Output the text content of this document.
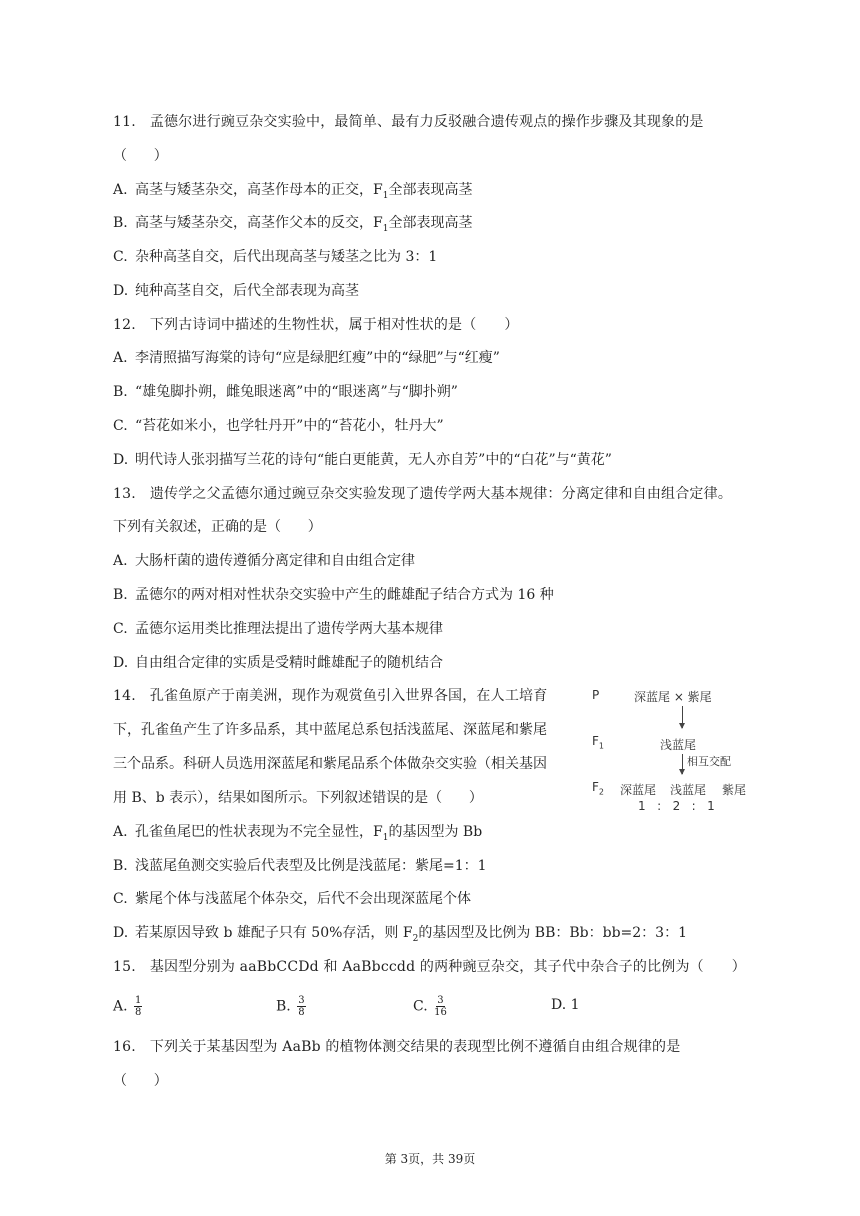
11.   孟德尔进行豌豆杂交实验中，最简单、最有力反驳融合遗传观点的操作步骤及其现象的是
（      ）
A. 高茎与矮茎杂交，高茎作母本的正交，$F_1$全部表现高茎
B. 高茎与矮茎杂交，高茎作父本的反交，$F_1$全部表现高茎
C. 杂种高茎自交，后代出现高茎与矮茎之比为 3：1
D. 纯种高茎自交，后代全部表现为高茎
12.   下列古诗词中描述的生物性状，属于相对性状的是（      ）
A. 李清照描写海棠的诗句“应是绿肥红瘦”中的“绿肥”与“红瘦”
B. “雄兔脚扑朔，雌兔眼迷离”中的“眼迷离”与“脚扑朔”
C. “苔花如米小，也学牡丹开”中的“苔花小，牡丹大”
D. 明代诗人张羽描写兰花的诗句“能白更能黄，无人亦自芳”中的“白花”与“黄花”
13.   遗传学之父孟德尔通过豌豆杂交实验发现了遗传学两大基本规律：分离定律和自由组合定律。
下列有关叙述，正确的是（      ）
A. 大肠杆菌的遗传遵循分离定律和自由组合定律
B. 孟德尔的两对相对性状杂交实验中产生的雌雄配子结合方式为 16 种
C. 孟德尔运用类比推理法提出了遗传学两大基本规律
D. 自由组合定律的实质是受精时雌雄配子的随机结合
14.   孔雀鱼原产于南美洲，现作为观赏鱼引入世界各国，在人工培育
下，孔雀鱼产生了许多品系，其中蓝尾总系包括浅蓝尾、深蓝尾和紫尾
三个品系。科研人员选用深蓝尾和紫尾品系个体做杂交实验（相关基因
用 B、b 表示），结果如图所示。下列叙述错误的是（      ）
A. 孔雀鱼尾巴的性状表现为不完全显性，$F_1$的基因型为 Bb
B. 浅蓝尾鱼测交实验后代表型及比例是浅蓝尾：紫尾=1：1
C. 紫尾个体与浅蓝尾个体杂交，后代不会出现深蓝尾个体
D. 若某原因导致 b 雄配子只有 50%存活，则 $F_2$的基因型及比例为 BB：Bb：bb=2：3：1
P	深蓝尾 × 紫尾
$F_1$	浅蓝尾
相互交配
$F_2$ 深蓝尾 浅蓝尾 紫尾
1   :   2   :   1
15.   基因型分别为 aaBbCCDd 和 AaBbccdd 的两种豌豆杂交，其子代中杂合子的比例为（      ）
A. $\frac{1}{8}$	B. $\frac{3}{8}$	C. $\frac{3}{16}$	D. 1
16.   下列关于某基因型为 AaBb 的植物体测交结果的表现型比例不遵循自由组合规律的是
（      ）
第 3页，共 39页
